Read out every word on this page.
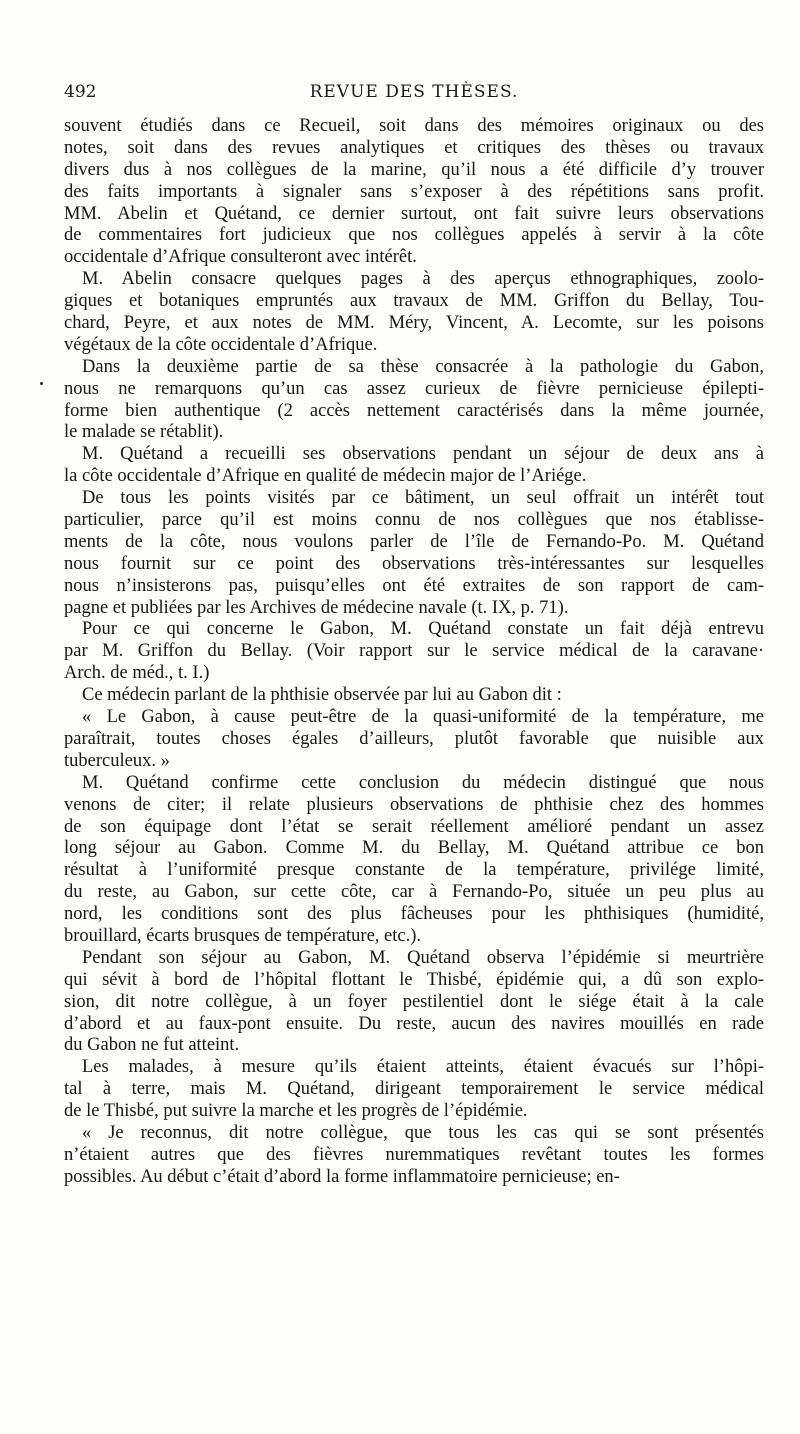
492	REVUE DES THÈSES.
souvent étudiés dans ce Recueil, soit dans des mémoires originaux ou des
notes, soit dans des revues analytiques et critiques des thèses ou travaux
divers dus à nos collègues de la marine, qu’il nous a été difficile d’y trouver
des faits importants à signaler sans s’exposer à des répétitions sans profit.
MM. Abelin et Quétand, ce dernier surtout, ont fait suivre leurs observations
de commentaires fort judicieux que nos collègues appelés à servir à la côte
occidentale d’Afrique consulteront avec intérêt.
M. Abelin consacre quelques pages à des aperçus ethnographiques, zoolo-
giques et botaniques empruntés aux travaux de MM. Griffon du Bellay, Tou-
chard, Peyre, et aux notes de MM. Méry, Vincent, A. Lecomte, sur les poisons
végétaux de la côte occidentale d’Afrique.
Dans la deuxième partie de sa thèse consacrée à la pathologie du Gabon,
nous ne remarquons qu’un cas assez curieux de fièvre pernicieuse épilepti-
forme bien authentique (2 accès nettement caractérisés dans la même journée,
le malade se rétablit).
M. Quétand a recueilli ses observations pendant un séjour de deux ans à
la côte occidentale d’Afrique en qualité de médecin major de l’Ariége.
De tous les points visités par ce bâtiment, un seul offrait un intérêt tout
particulier, parce qu’il est moins connu de nos collègues que nos établisse-
ments de la côte, nous voulons parler de l’île de Fernando-Po. M. Quétand
nous fournit sur ce point des observations très-intéressantes sur lesquelles
nous n’insisterons pas, puisqu’elles ont été extraites de son rapport de cam-
pagne et publiées par les Archives de médecine navale (t. IX, p. 71).
Pour ce qui concerne le Gabon, M. Quétand constate un fait déjà entrevu
par M. Griffon du Bellay. (Voir rapport sur le service médical de la caravane·
Arch. de méd., t. I.)
Ce médecin parlant de la phthisie observée par lui au Gabon dit :
« Le Gabon, à cause peut-être de la quasi-uniformité de la température, me
paraîtrait, toutes choses égales d’ailleurs, plutôt favorable que nuisible aux
tuberculeux. »
M. Quétand confirme cette conclusion du médecin distingué que nous
venons de citer; il relate plusieurs observations de phthisie chez des hommes
de son équipage dont l’état se serait réellement amélioré pendant un assez
long séjour au Gabon. Comme M. du Bellay, M. Quétand attribue ce bon
résultat à l’uniformité presque constante de la température, privilége limité,
du reste, au Gabon, sur cette côte, car à Fernando-Po, située un peu plus au
nord, les conditions sont des plus fâcheuses pour les phthisiques (humidité,
brouillard, écarts brusques de température, etc.).
Pendant son séjour au Gabon, M. Quétand observa l’épidémie si meurtrière
qui sévit à bord de l’hôpital flottant le Thisbé, épidémie qui, a dû son explo-
sion, dit notre collègue, à un foyer pestilentiel dont le siége était à la cale
d’abord et au faux-pont ensuite. Du reste, aucun des navires mouillés en rade
du Gabon ne fut atteint.
Les malades, à mesure qu’ils étaient atteints, étaient évacués sur l’hôpi-
tal à terre, mais M. Quétand, dirigeant temporairement le service médical
de le Thisbé, put suivre la marche et les progrès de l’épidémie.
« Je reconnus, dit notre collègue, que tous les cas qui se sont présentés
n’étaient autres que des fièvres nuremmatiques revêtant toutes les formes
possibles. Au début c’était d’abord la forme inflammatoire pernicieuse; en-
